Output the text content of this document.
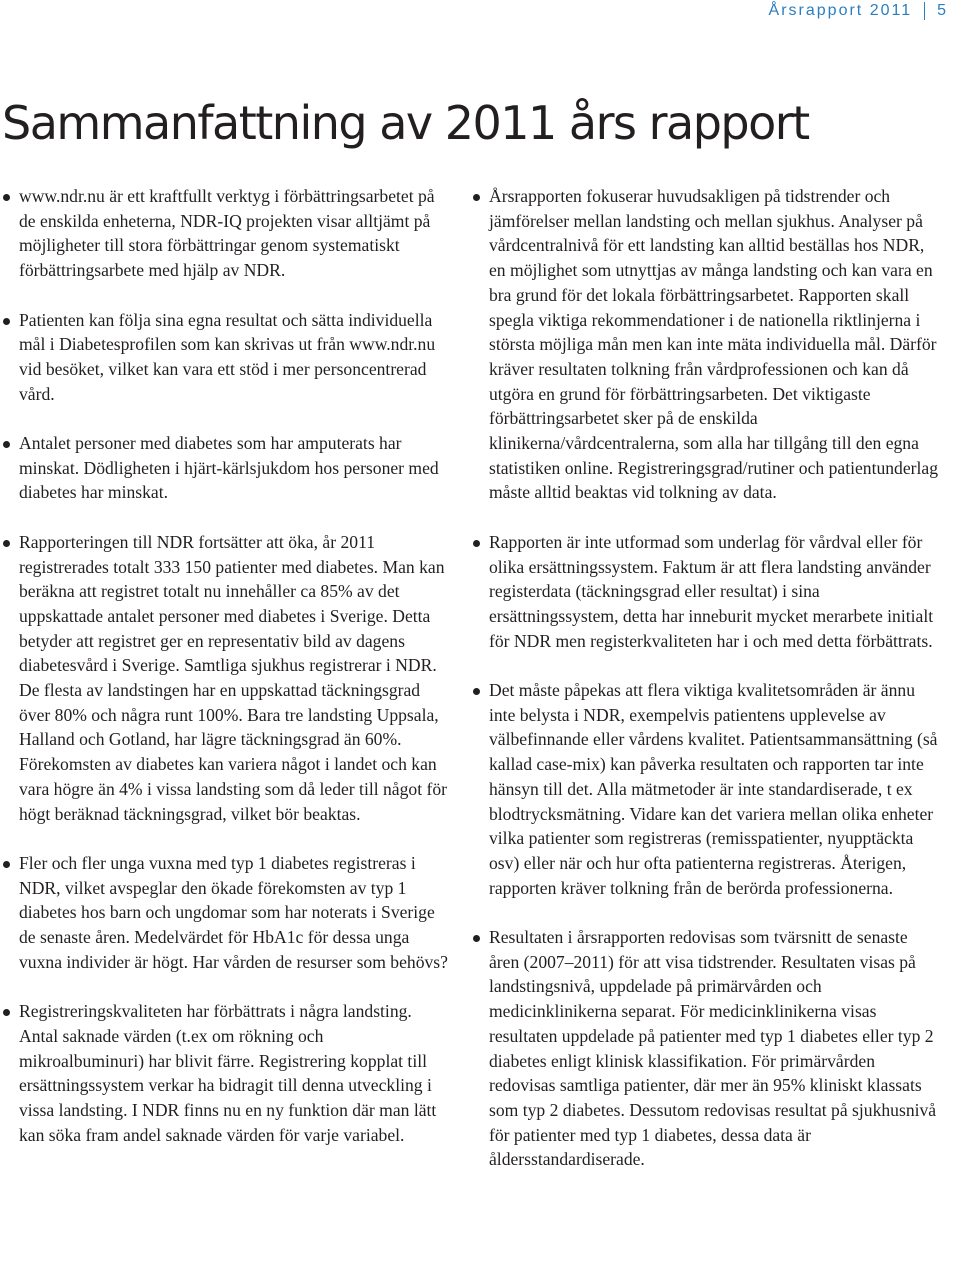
Årsrapport 2011 5
Sammanfattning av 2011 års rapport
www.ndr.nu är ett kraftfullt verktyg i förbättringsarbetet på de enskilda enheterna, NDR-IQ projekten visar alltjämt på möjligheter till stora förbättringar genom systematiskt förbättringsarbete med hjälp av NDR.
Patienten kan följa sina egna resultat och sätta individuella mål i Diabetesprofilen som kan skrivas ut från www.ndr.nu vid besöket, vilket kan vara ett stöd i mer personcentrerad vård.
Antalet personer med diabetes som har amputerats har minskat. Dödligheten i hjärt-kärlsjukdom hos personer med diabetes har minskat.
Rapporteringen till NDR fortsätter att öka, år 2011 registrerades totalt 333 150 patienter med diabetes. Man kan beräkna att registret totalt nu innehåller ca 85% av det uppskattade antalet personer med diabetes i Sverige. Detta betyder att registret ger en representativ bild av dagens diabetesvård i Sverige. Samtliga sjukhus registrerar i NDR. De flesta av landstingen har en uppskattad täckningsgrad över 80% och några runt 100%. Bara tre landsting Uppsala, Halland och Gotland, har lägre täckningsgrad än 60%. Förekomsten av diabetes kan variera något i landet och kan vara högre än 4% i vissa landsting som då leder till något för högt beräknad täckningsgrad, vilket bör beaktas.
Fler och fler unga vuxna med typ 1 diabetes registreras i NDR, vilket avspeglar den ökade förekomsten av typ 1 diabetes hos barn och ungdomar som har noterats i Sverige de senaste åren. Medelvärdet för HbA1c för dessa unga vuxna individer är högt. Har vården de resurser som behövs?
Registreringskvaliteten har förbättrats i några landsting. Antal saknade värden (t.ex om rökning och mikroalbuminuri) har blivit färre. Registrering kopplat till ersättningssystem verkar ha bidragit till denna utveckling i vissa landsting. I NDR finns nu en ny funktion där man lätt kan söka fram andel saknade värden för varje variabel.
Årsrapporten fokuserar huvudsakligen på tidstrender och jämförelser mellan landsting och mellan sjukhus. Analyser på vårdcentralnivå för ett landsting kan alltid beställas hos NDR, en möjlighet som utnyttjas av många landsting och kan vara en bra grund för det lokala förbättringsarbetet. Rapporten skall spegla viktiga rekommendationer i de nationella riktlinjerna i största möjliga mån men kan inte mäta individuella mål. Därför kräver resultaten tolkning från vårdprofessionen och kan då utgöra en grund för förbättringsarbeten. Det viktigaste förbättringsarbetet sker på de enskilda klinikerna/vårdcentralerna, som alla har tillgång till den egna statistiken online. Registreringsgrad/rutiner och patientunderlag måste alltid beaktas vid tolkning av data.
Rapporten är inte utformad som underlag för vårdval eller för olika ersättningssystem. Faktum är att flera landsting använder registerdata (täckningsgrad eller resultat) i sina ersättningssystem, detta har inneburit mycket merarbete initialt för NDR men registerkvaliteten har i och med detta förbättrats.
Det måste påpekas att flera viktiga kvalitetsområden är ännu inte belysta i NDR, exempelvis patientens upplevelse av välbefinnande eller vårdens kvalitet. Patientsammansättning (så kallad case-mix) kan påverka resultaten och rapporten tar inte hänsyn till det. Alla mätmetoder är inte standardiserade, t ex blodtrycksmätning. Vidare kan det variera mellan olika enheter vilka patienter som registreras (remisspatienter, nyupptäckta osv) eller när och hur ofta patienterna registreras. Återigen, rapporten kräver tolkning från de berörda professionerna.
Resultaten i årsrapporten redovisas som tvärsnitt de senaste åren (2007–2011) för att visa tidstrender. Resultaten visas på landstingsnivå, uppdelade på primärvården och medicinklinikerna separat. För medicinklinikerna visas resultaten uppdelade på patienter med typ 1 diabetes eller typ 2 diabetes enligt klinisk klassifikation. För primärvården redovisas samtliga patienter, där mer än 95% kliniskt klassats som typ 2 diabetes. Dessutom redovisas resultat på sjukhusnivå för patienter med typ 1 diabetes, dessa data är åldersstandardiserade.
